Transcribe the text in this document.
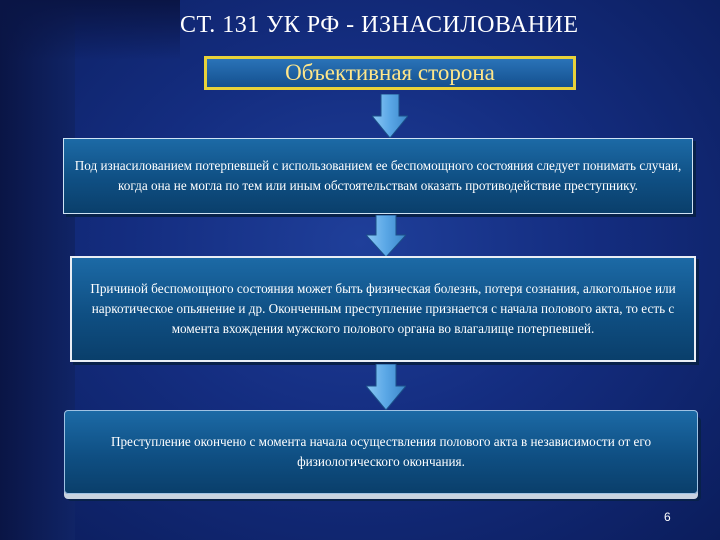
СТ. 131 УК РФ - ИЗНАСИЛОВАНИЕ
Объективная сторона
Под изнасилованием потерпевшей с использованием ее беспомощного состояния следует понимать случаи, когда она не могла по тем или иным обстоятельствам оказать противодействие преступнику.
Причиной беспомощного состояния может быть физическая болезнь, потеря сознания, алкогольное или наркотическое опьянение и др. Оконченным преступление признается с начала полового акта, то есть с момента вхождения мужского полового органа во влагалище потерпевшей.
Преступление окончено с момента начала осуществления полового акта в независимости от его физиологического окончания.
6
